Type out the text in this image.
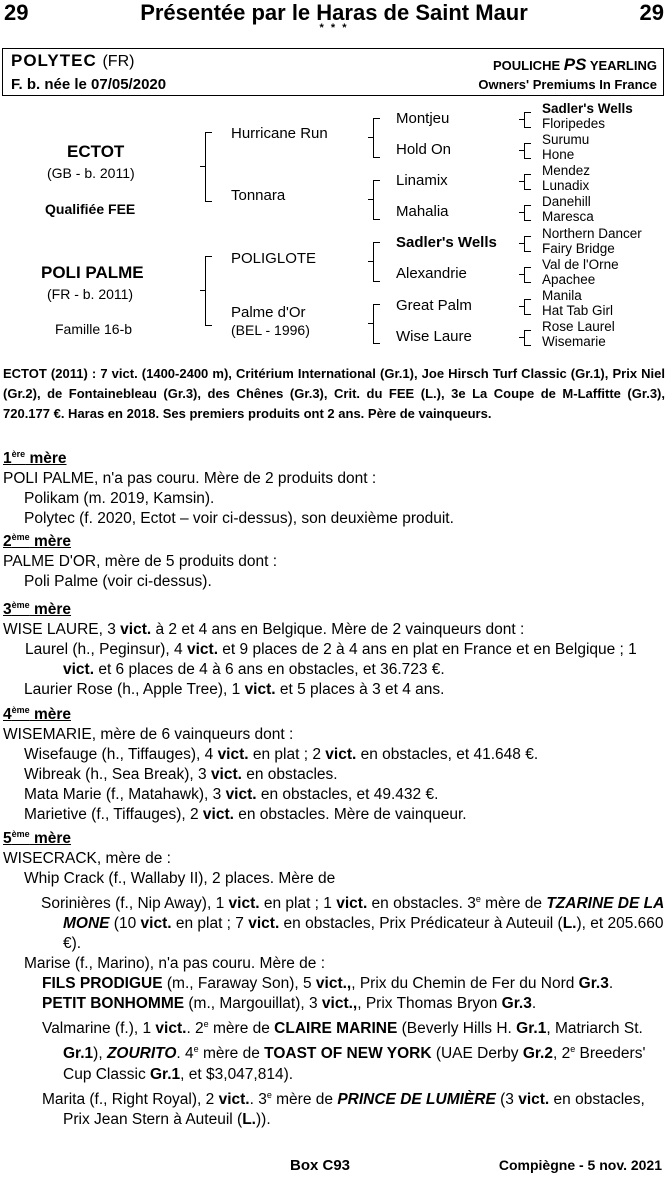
29	Présentée par le Haras de Saint Maur	29
* * *
POLYTEC (FR)
F. b. née le 07/05/2020
POULICHE PS YEARLING
Owners' Premiums In France
ECTOT
(GB - b. 2011)
Qualifiée FEE
POLI PALME
(FR - b. 2011)
Famille 16-b
Hurricane Run
Tonnara
POLIGLOTE
Palme d'Or
(BEL - 1996)
Montjeu
Hold On
Linamix
Mahalia
Sadler's Wells
Alexandrie
Great Palm
Wise Laure
Sadler's Wells
Floripedes
Surumu
Hone
Mendez
Lunadix
Danehill
Maresca
Northern Dancer
Fairy Bridge
Val de l'Orne
Apachee
Manila
Hat Tab Girl
Rose Laurel
Wisemarie
ECTOT (2011) : 7 vict. (1400-2400 m), Critérium International (Gr.1), Joe Hirsch Turf Classic (Gr.1), Prix Niel (Gr.2), de Fontainebleau (Gr.3), des Chênes (Gr.3), Crit. du FEE (L.), 3e La Coupe de M-Laffitte (Gr.3), 720.177 €. Haras en 2018. Ses premiers produits ont 2 ans. Père de vainqueurs.

1ère mère

POLI PALME, n'a pas couru. Mère de 2 produits dont :

Polikam (m. 2019, Kamsin).

Polytec (f. 2020, Ectot – voir ci-dessus), son deuxième produit.

2ème mère

PALME D'OR, mère de 5 produits dont :

Poli Palme (voir ci-dessus).

3ème mère

WISE LAURE, 3 vict. à 2 et 4 ans en Belgique. Mère de 2 vainqueurs dont :

Laurel (h., Peginsur), 4 vict. et 9 places de 2 à 4 ans en plat en France et en Belgique ; 1 vict. et 6 places de 4 à 6 ans en obstacles, et 36.723 €.

Laurier Rose (h., Apple Tree), 1 vict. et 5 places à 3 et 4 ans.

4ème mère

WISEMARIE, mère de 6 vainqueurs dont :

Wisefauge (h., Tiffauges), 4 vict. en plat ; 2 vict. en obstacles, et 41.648 €.

Wibreak (h., Sea Break), 3 vict. en obstacles.

Mata Marie (f., Matahawk), 3 vict. en obstacles, et 49.432 €.

Marietive (f., Tiffauges), 2 vict. en obstacles. Mère de vainqueur.

5ème mère

WISECRACK, mère de :

Whip Crack (f., Wallaby II), 2 places. Mère de

Sorinières (f., Nip Away), 1 vict. en plat ; 1 vict. en obstacles. 3e mère de TZARINE DE LA MONE (10 vict. en plat ; 7 vict. en obstacles, Prix Prédicateur à Auteuil (L.), et 205.660 €).

Marise (f., Marino), n'a pas couru. Mère de :

FILS PRODIGUE (m., Faraway Son), 5 vict.,, Prix du Chemin de Fer du Nord Gr.3.

PETIT BONHOMME (m., Margouillat), 3 vict.,, Prix Thomas Bryon Gr.3.

Valmarine (f.), 1 vict.. 2e mère de CLAIRE MARINE (Beverly Hills H. Gr.1, Matriarch St. Gr.1), ZOURITO. 4e mère de TOAST OF NEW YORK (UAE Derby Gr.2, 2e Breeders' Cup Classic Gr.1, et $3,047,814).

Marita (f., Right Royal), 2 vict.. 3e mère de PRINCE DE LUMIÈRE (3 vict. en obstacles, Prix Jean Stern à Auteuil (L.)).

Box C93	Compiègne - 5 nov. 2021
